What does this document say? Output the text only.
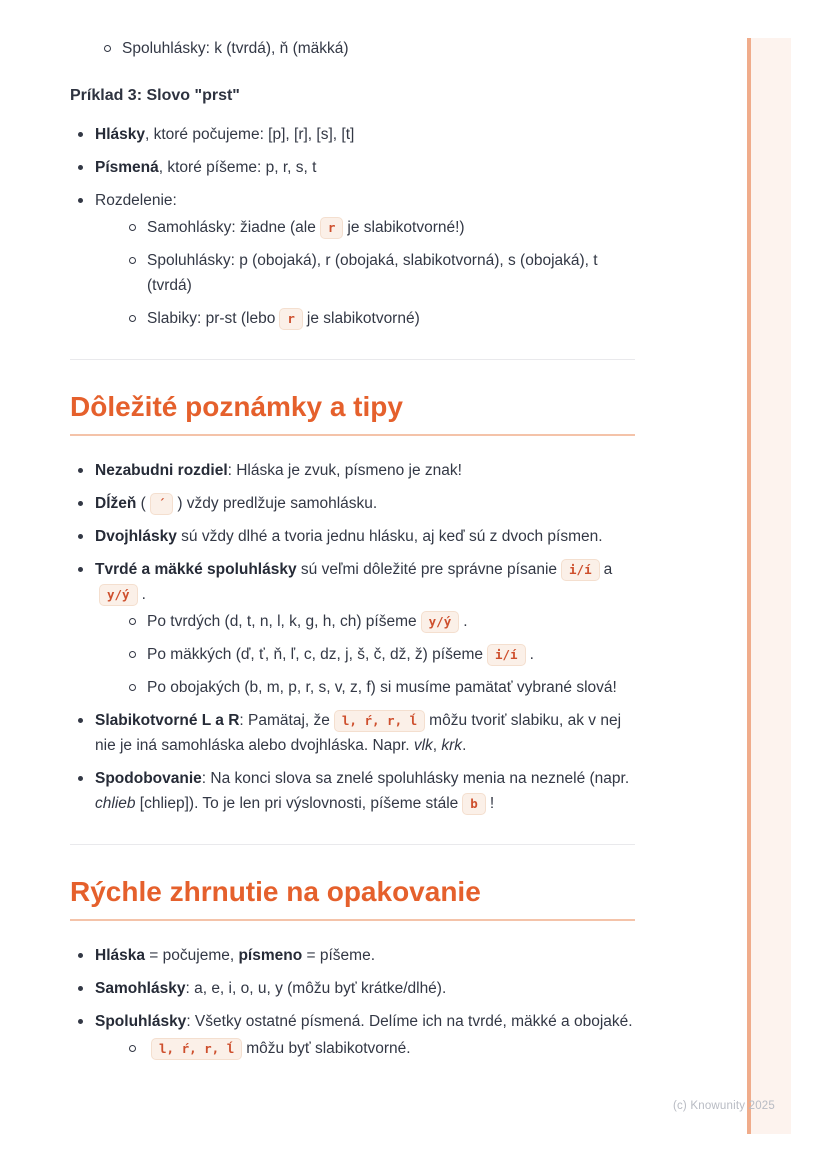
Spoluhlásky: k (tvrdá), ň (mäkká)

Príklad 3: Slovo "prst"

Hlásky, ktoré počujeme: [p], [r], [s], [t]
Písmená, ktoré píšeme: p, r, s, t
Rozdelenie:
Samohlásky: žiadne (ale r je slabikotvorné!)
Spoluhlásky: p (obojaká), r (obojaká, slabikotvorná), s (obojaká), t (tvrdá)
Slabiky: pr-st (lebo r je slabikotvorné)
Dôležité poznámky a tipy
Nezabudni rozdiel: Hláska je zvuk, písmeno je znak!
Dĺžeň ( ´ ) vždy predlžuje samohlásku.
Dvojhlásky sú vždy dlhé a tvoria jednu hlásku, aj keď sú z dvoch písmen.
Tvrdé a mäkké spoluhlásky sú veľmi dôležité pre správne písanie i/í ay/ý .
Po tvrdých (d, t, n, l, k, g, h, ch) píšeme y/ý .
Po mäkkých (ď, ť, ň, ľ, c, dz, j, š, č, dž, ž) píšeme i/í .
Po obojakých (b, m, p, r, s, v, z, f) si musíme pamätať vybrané slová!
Slabikotvorné L a R: Pamätaj, že l, ŕ, r, ĺ môžu tvoriť slabiku, ak v nej nie je iná samohláska alebo dvojhláska. Napr. vlk, krk.
Spodobovanie: Na konci slova sa znelé spoluhlásky menia na neznelé (napr. chlieb [chliep]). To je len pri výslovnosti, píšeme stále b !
Rýchle zhrnutie na opakovanie
Hláska = počujeme, písmeno = píšeme.
Samohlásky: a, e, i, o, u, y (môžu byť krátke/dlhé).
Spoluhlásky: Všetky ostatné písmená. Delíme ich na tvrdé, mäkké a obojaké.
l, ŕ, r, ĺ môžu byť slabikotvorné.
(c) Knowunity 2025
